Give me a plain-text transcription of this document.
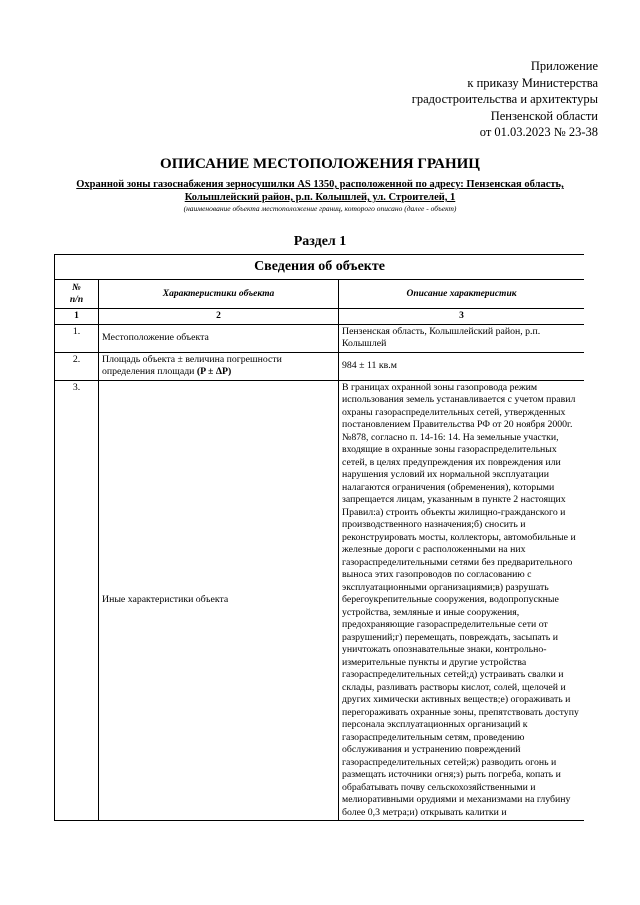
Приложение
к приказу Министерства
градостроительства и архитектуры
Пензенской области
от 01.03.2023 № 23-38
ОПИСАНИЕ МЕСТОПОЛОЖЕНИЯ ГРАНИЦ
Охранной зоны газоснабжения зерносушилки AS 1350, расположенной по адресу: Пензенская область,
Колышлейский район, р.п. Колышлей, ул. Строителей, 1
(наименование объекта местоположение границ, которого описано (далее - объект)
Раздел 1
Сведения об объекте		
№
п/п	Характеристики объекта	Описание характеристик
1	2	3
1.	Местоположение объекта	Пензенская область, Колышлейский район, р.п. Колышлей
2.	Площадь объекта ± величина погрешности определения площади (P ± ΔP)	984 ± 11 кв.м
3.	Иные характеристики объекта	В границах охранной зоны газопровода режим использования земель устанавливается с учетом правил охраны газораспределительных сетей, утвержденных постановлением Правительства РФ от 20 ноября 2000г. №878, согласно п. 14-16: 14. На земельные участки, входящие в охранные зоны газораспределительных сетей, в целях предупреждения их повреждения или нарушения условий их нормальной эксплуатации налагаются ограничения (обременения), которыми запрещается лицам, указанным в пункте 2 настоящих Правил:а) строить объекты жилищно-гражданского и производственного назначения;б) сносить и реконструировать мосты, коллекторы, автомобильные и железные дороги с расположенными на них газораспределительными сетями без предварительного выноса этих газопроводов по согласованию с эксплуатационными организациями;в) разрушать берегоукрепительные сооружения, водопропускные устройства, земляные и иные сооружения, предохраняющие газораспределительные сети от разрушений;г) перемещать, повреждать, засыпать и уничтожать опознавательные знаки, контрольно-измерительные пункты и другие устройства газораспределительных сетей;д) устраивать свалки и склады, разливать растворы кислот, солей, щелочей и других химически активных веществ;е) огораживать и перегораживать охранные зоны, препятствовать доступу персонала эксплуатационных организаций к газораспределительным сетям, проведению обслуживания и устранению повреждений газораспределительных сетей;ж) разводить огонь и размещать источники огня;з) рыть погреба, копать и обрабатывать почву сельскохозяйственными и мелиоративными орудиями и механизмами на глубину более 0,3 метра;и) открывать калитки и
